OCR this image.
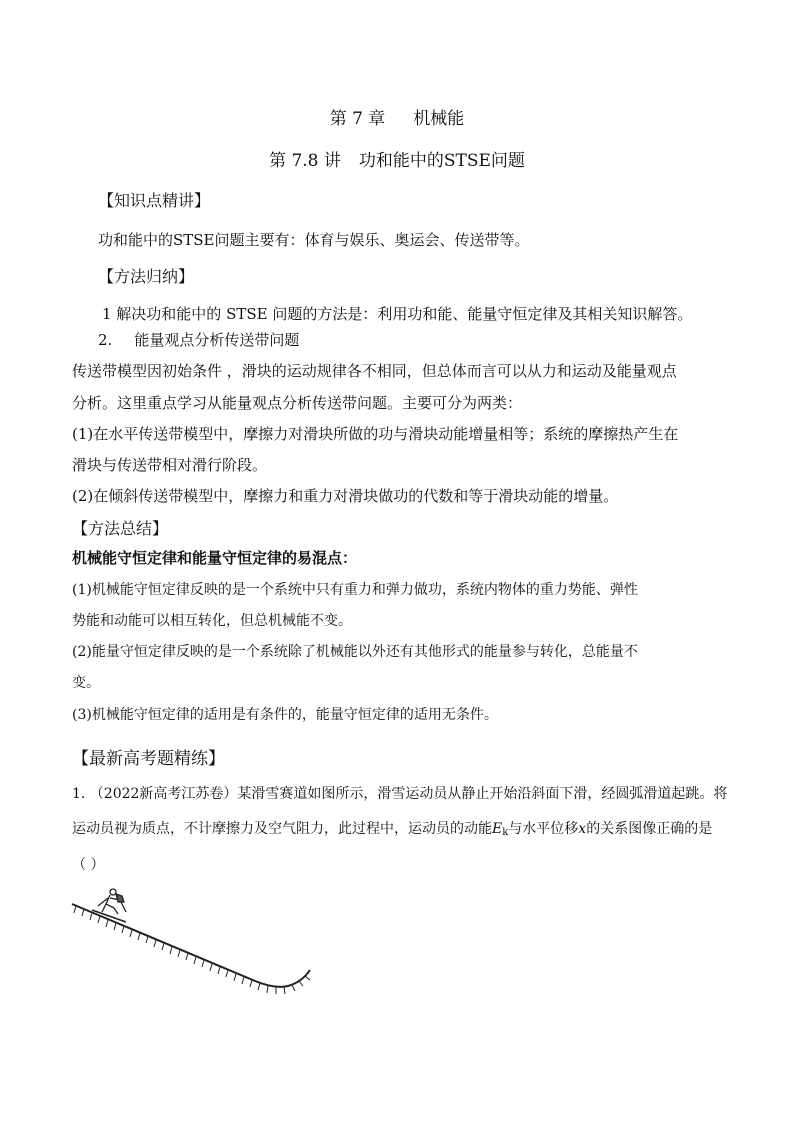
第 7 章 机械能
第 7.8 讲 功和能中的STSE问题
【知识点精讲】
功和能中的STSE问题主要有：体育与娱乐、奥运会、传送带等。
【方法归纳】
1 解决功和能中的 STSE 问题的方法是：利用功和能、能量守恒定律及其相关知识解答。
2. 能量观点分析传送带问题
传送带模型因初始条件 ，滑块的运动规律各不相同，但总体而言可以从力和运动及能量观点
分析。这里重点学习从能量观点分析传送带问题。主要可分为两类：
(1)在水平传送带模型中，摩擦力对滑块所做的功与滑块动能增量相等；系统的摩擦热产生在
滑块与传送带相对滑行阶段。
(2)在倾斜传送带模型中，摩擦力和重力对滑块做功的代数和等于滑块动能的增量。
【方法总结】
机械能守恒定律和能量守恒定律的易混点：
(1)机械能守恒定律反映的是一个系统中只有重力和弹力做功，系统内物体的重力势能、弹性
势能和动能可以相互转化，但总机械能不变。
(2)能量守恒定律反映的是一个系统除了机械能以外还有其他形式的能量参与转化，总能量不
变。
(3)机械能守恒定律的适用是有条件的，能量守恒定律的适用无条件。
【最新高考题精练】
1. （2022新高考江苏卷）某滑雪赛道如图所示，滑雪运动员从静止开始沿斜面下滑，经圆弧滑道起跳。将
运动员视为质点，不计摩擦力及空气阻力，此过程中，运动员的动能Ek与水平位移x的关系图像正确的是
（ ）
